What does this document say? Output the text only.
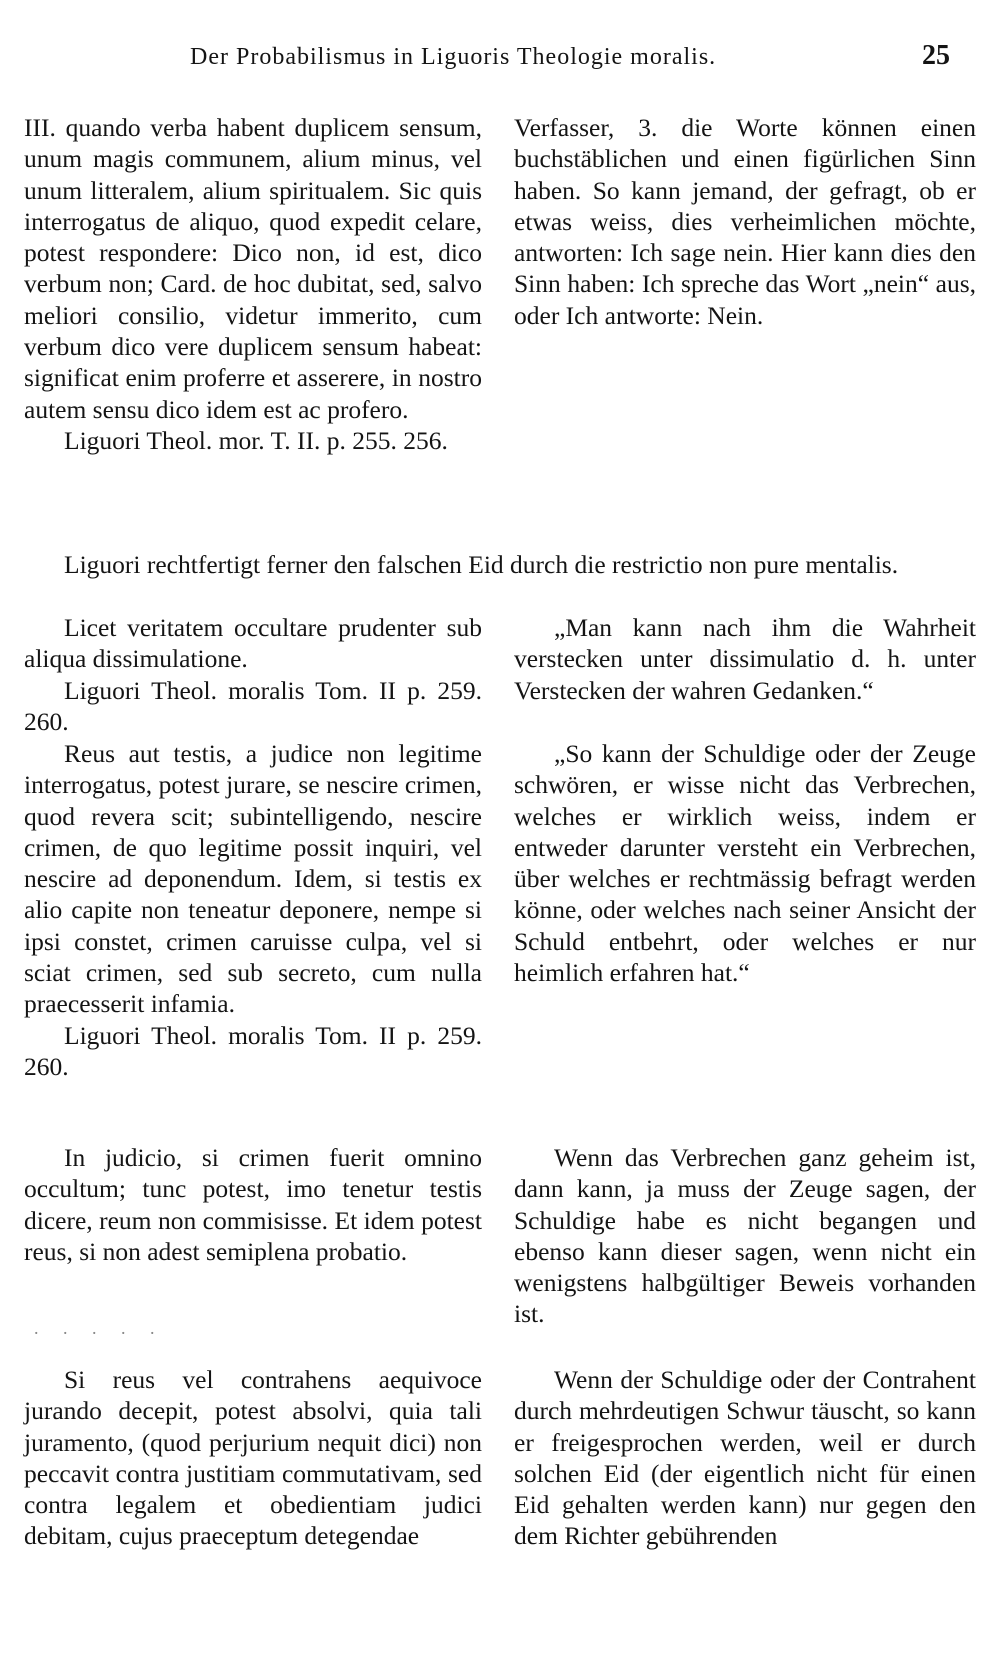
Der Probabilismus in Liguoris Theologie moralis.	25

III. quando verba habent duplicem sensum, unum magis communem, alium minus, vel unum litteralem, alium spiritualem. Sic quis interrogatus de aliquo, quod expedit celare, potest respondere: Dico non, id est, dico verbum non; Card. de hoc dubitat, sed, salvo meliori consilio, videtur immerito, cum verbum dico vere duplicem sensum habeat: significat enim proferre et asserere, in nostro autem sensu dico idem est ac profero.

Liguori Theol. mor. T. II. p. 255. 256.

Verfasser, 3. die Worte können einen buchstäblichen und einen figürlichen Sinn haben. So kann jemand, der gefragt, ob er etwas weiss, dies verheimlichen möchte, antworten: Ich sage nein. Hier kann dies den Sinn haben: Ich spreche das Wort „nein“ aus, oder Ich antworte: Nein.

Liguori rechtfertigt ferner den falschen Eid durch die restrictio non pure mentalis.

Licet veritatem occultare prudenter sub aliqua dissimulatione.

Liguori Theol. moralis Tom. II p. 259. 260.

„Man kann nach ihm die Wahrheit verstecken unter dissimulatio d. h. unter Verstecken der wahren Gedanken.“

Reus aut testis, a judice non legitime interrogatus, potest jurare, se nescire crimen, quod revera scit; subintelligendo, nescire crimen, de quo legitime possit inquiri, vel nescire ad deponendum. Idem, si testis ex alio capite non teneatur deponere, nempe si ipsi constet, crimen caruisse culpa, vel si sciat crimen, sed sub secreto, cum nulla praecesserit infamia.

Liguori Theol. moralis Tom. II p. 259. 260.

„So kann der Schuldige oder der Zeuge schwören, er wisse nicht das Verbrechen, welches er wirklich weiss, indem er entweder darunter versteht ein Verbrechen, über welches er rechtmässig befragt werden könne, oder welches nach seiner Ansicht der Schuld entbehrt, oder welches er nur heimlich erfahren hat.“

In judicio, si crimen fuerit omnino occultum; tunc potest, imo tenetur testis dicere, reum non commisisse. Et idem potest reus, si non adest semiplena probatio.

Wenn das Verbrechen ganz geheim ist, dann kann, ja muss der Zeuge sagen, der Schuldige habe es nicht begangen und ebenso kann dieser sagen, wenn nicht ein wenigstens halbgültiger Beweis vorhanden ist.

. . . . .

Si reus vel contrahens aequivoce jurando decepit, potest absolvi, quia tali juramento, (quod perjurium nequit dici) non peccavit contra justitiam commutativam, sed contra legalem et obedientiam judici debitam, cujus praeceptum detegendae

Wenn der Schuldige oder der Contrahent durch mehrdeutigen Schwur täuscht, so kann er freigesprochen werden, weil er durch solchen Eid (der eigentlich nicht für einen Eid gehalten werden kann) nur gegen den dem Richter gebührenden
